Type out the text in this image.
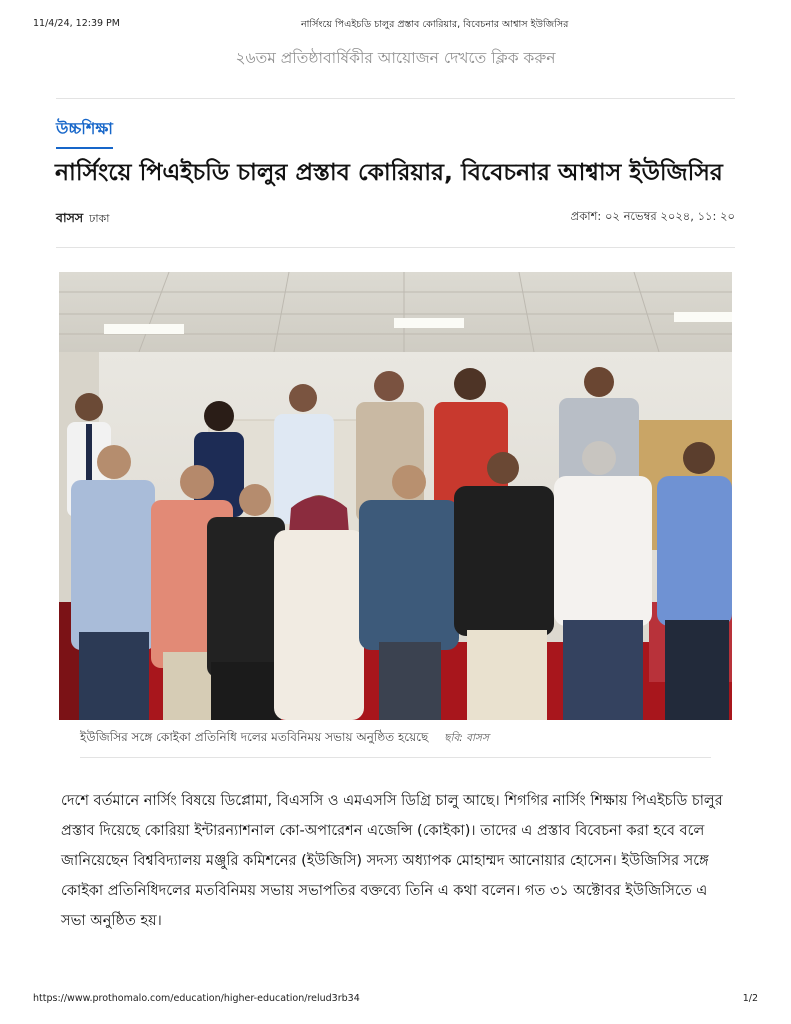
11/4/24, 12:39 PM	নার্সিংয়ে পিএইচডি চালুর প্রস্তাব কোরিয়ার, বিবেচনার আশ্বাস ইউজিসির
২৬তম প্রতিষ্ঠাবার্ষিকীর আয়োজন দেখতে ক্লিক করুন
উচ্চশিক্ষা
নার্সিংয়ে পিএইচডি চালুর প্রস্তাব কোরিয়ার, বিবেচনার আশ্বাস ইউজিসির
বাসস ঢাকা	প্রকাশ: ০২ নভেম্বর ২০২৪, ১১: ২০
ইউজিসির সঙ্গে কোইকা প্রতিনিধি দলের মতবিনিময় সভায় অনুষ্ঠিত হয়েছে ছবি: বাসস

দেশে বর্তমানে নার্সিং বিষয়ে ডিপ্লোমা, বিএসসি ও এমএসসি ডিগ্রি চালু আছে। শিগগির নার্সিং শিক্ষায় পিএইচডি চালুর প্রস্তাব দিয়েছে কোরিয়া ইন্টারন্যাশনাল কো-অপারেশন এজেন্সি (কোইকা)। তাদের এ প্রস্তাব বিবেচনা করা হবে বলে জানিয়েছেন বিশ্ববিদ্যালয় মঞ্জুরি কমিশনের (ইউজিসি) সদস্য অধ্যাপক মোহাম্মদ আনোয়ার হোসেন। ইউজিসির সঙ্গে কোইকা প্রতিনিধিদলের মতবিনিময় সভায় সভাপতির বক্তব্যে তিনি এ কথা বলেন। গত ৩১ অক্টোবর ইউজিসিতে এ সভা অনুষ্ঠিত হয়।

https://www.prothomalo.com/education/higher-education/relud3rb34	1/2
